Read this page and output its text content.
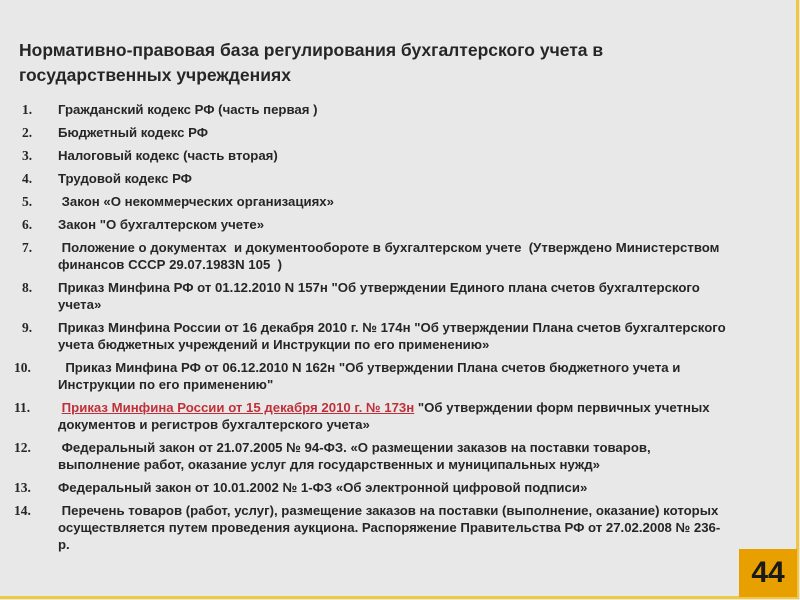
Нормативно-правовая база регулирования бухгалтерского учета в государственных учреждениях
1.	Гражданский кодекс РФ (часть первая )
2.	Бюджетный кодекс РФ
3.	Налоговый кодекс (часть вторая)
4.	Трудовой кодекс РФ
5.	Закон «О некоммерческих организациях»
6.	Закон "О бухгалтерском учете»
7.	Положение о документах  и документообороте в бухгалтерском учете  (Утверждено Министерством финансов СССР 29.07.1983N 105  )
8.	Приказ Минфина РФ от 01.12.2010 N 157н "Об утверждении Единого плана счетов бухгалтерского учета»
9.	Приказ Минфина России от 16 декабря 2010 г. № 174н "Об утверждении Плана счетов бухгалтерского учета бюджетных учреждений и Инструкции по его применению»
10.	Приказ Минфина РФ от 06.12.2010 N 162н "Об утверждении Плана счетов бюджетного учета и Инструкции по его применению"
11.	Приказ Минфина России от 15 декабря 2010 г. № 173н "Об утверждении форм первичных учетных документов и регистров бухгалтерского учета»
12.	Федеральный закон от 21.07.2005 № 94-ФЗ. «О размещении заказов на поставки товаров, выполнение работ, оказание услуг для государственных и муниципальных нужд»
13.	Федеральный закон от 10.01.2002 № 1-ФЗ «Об электронной цифровой подписи»
14.	Перечень товаров (работ, услуг), размещение заказов на поставки (выполнение, оказание) которых осуществляется путем проведения аукциона. Распоряжение Правительства РФ от 27.02.2008 № 236-р.
44
